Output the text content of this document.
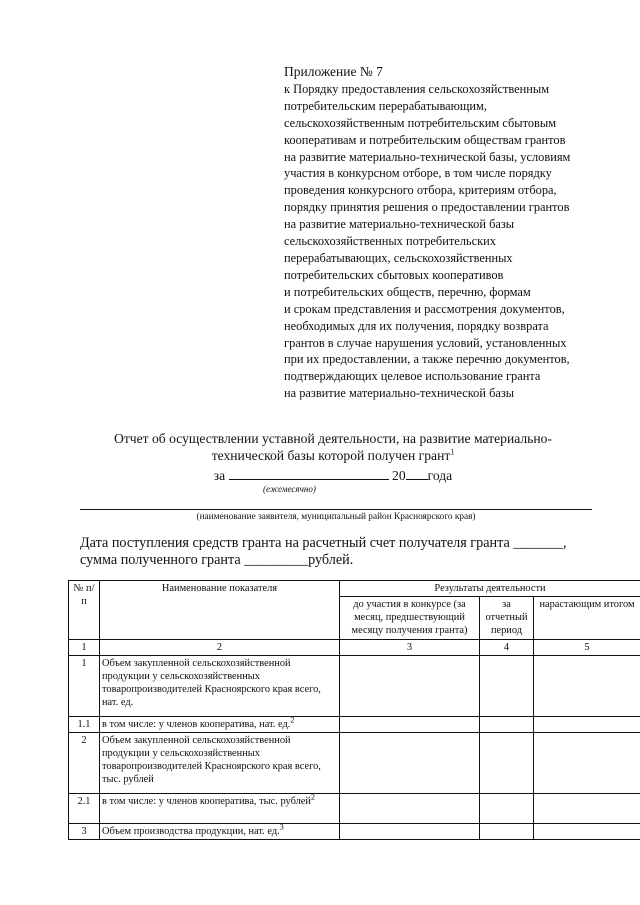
Приложение № 7
к Порядку предоставления сельскохозяйственным
потребительским перерабатывающим,
сельскохозяйственным потребительским сбытовым
кооперативам и потребительским обществам грантов
на развитие материально-технической базы, условиям
участия в конкурсном отборе, в том числе порядку
проведения конкурсного отбора, критериям отбора,
порядку принятия решения о предоставлении грантов
на развитие материально-технической базы
сельскохозяйственных потребительских
перерабатывающих, сельскохозяйственных
потребительских сбытовых кооперативов
и потребительских обществ, перечню, формам
и срокам представления и рассмотрения документов,
необходимых для их получения, порядку возврата
грантов в случае нарушения условий, установленных
при их предоставлении, а также перечню документов,
подтверждающих целевое использование гранта
на развитие материально-технической базы
Отчет об осуществлении уставной деятельности, на развитие материально-
технической базы которой получен грант$^1$
за	20 года
(ежемесячно)
(наименование заявителя, муниципальный район Красноярского края)
Дата поступления средств гранта на расчетный счет получателя гранта _______,
сумма полученного гранта _________рублей.
№ п/п	Наименование показателя	Результаты деятельности		
		до участия в конкурсе (за месяц, предшествующий месяцу получения гранта)	за отчетный период	нарастающим итогом
1	2	3	4	5
1	Объем закупленной сельскохозяйственной продукции у сельскохозяйственных товаропроизводителей Красноярского края всего, нат. ед.			
1.1	в том числе: у членов кооператива, нат. ед.$^2$			
2	Объем закупленной сельскохозяйственной продукции у сельскохозяйственных товаропроизводителей Красноярского края всего, тыс. рублей			
2.1	в том числе: у членов кооператива, тыс. рублей$^2$			
3	Объем производства продукции, нат. ед.$^3$			
